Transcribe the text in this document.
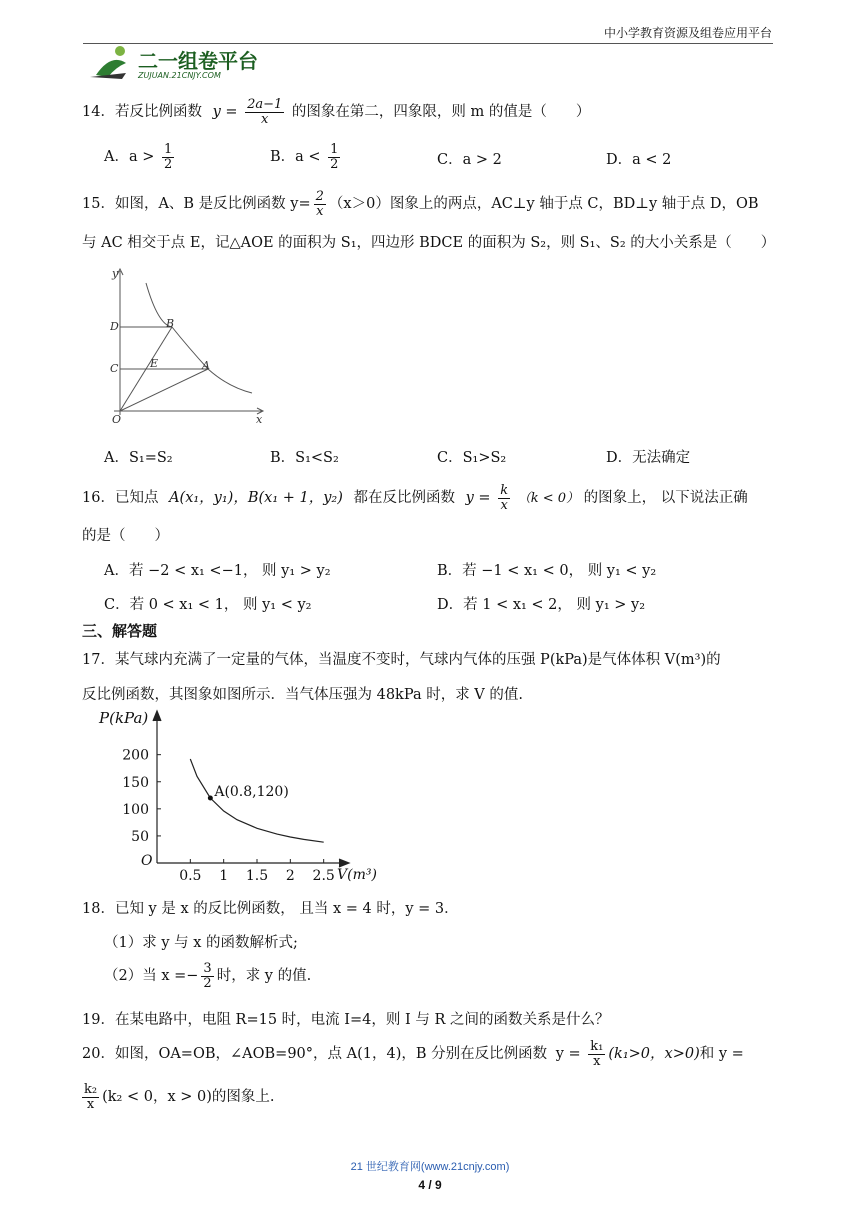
中小学教育资源及组卷应用平台
二一组卷平台
ZUJUAN.21CNJY.COM
14．若反比例函数 $y = \frac{2a-1}{x}$ 的图象在第二，四象限，则 m 的值是（　　）
A．$a > \frac{1}{2}$	B．$a < \frac{1}{2}$	C．a > 2	D．a < 2
15．如图，A、B 是反比例函数 $y= \frac{2}{x} (x>0)$图象上的两点，AC⊥y 轴于点 C，BD⊥y 轴于点 D，OB
与 AC 相交于点 E，记△AOE 的面积为 S₁，四边形 BDCE 的面积为 S₂，则 S₁、S₂ 的大小关系是（　　）
y
x
O
D
C
B
A
E
A．S₁=S₂	B．S₁<S₂	C．S₁>S₂	D．无法确定
16．已知点 A(x₁，y₁)，B(x₁ + 1，y₂) 都在反比例函数 $y = \frac{k}{x} (k < 0)$ 的图象上， 以下说法正确
的是（　　）
A．若 −2 < x₁ <−1， 则 y₁ > y₂	B．若 −1 < x₁ < 0， 则 y₁ < y₂
C．若 0 < x₁ < 1， 则 y₁ < y₂	D．若 1 < x₁ < 2， 则 y₁ > y₂
三、解答题
17．某气球内充满了一定量的气体，当温度不变时，气球内气体的压强 P(kPa)是气体体积 V(m³)的
反比例函数，其图象如图所示．当气体压强为 48kPa 时，求 V 的值.
P(kPa)
V(m³)
O
200
150
100
50
0.5 1 1.5 2 2.5
A(0.8,120)
18．已知 y 是 x 的反比例函数， 且当 x = 4 时，y = 3．
（1）求 y 与 x 的函数解析式;
（2）当 $x =- \frac{3}{2}$ 时，求 y 的值.
19．在某电路中，电阻 R=15 时，电流 I=4，则 I 与 R 之间的函数关系是什么？
20．如图，OA=OB，∠AOB=90°，点 A(1，4)，B 分别在反比例函数 $y = \frac{\text{k₁}}{x} (k_1>0$，x>0)和 y =
$\frac{\text{k₂}}{x} (k_2 < 0$，x > 0)的图象上.
21 世纪教育网(www.21cnjy.com)
4 / 9
